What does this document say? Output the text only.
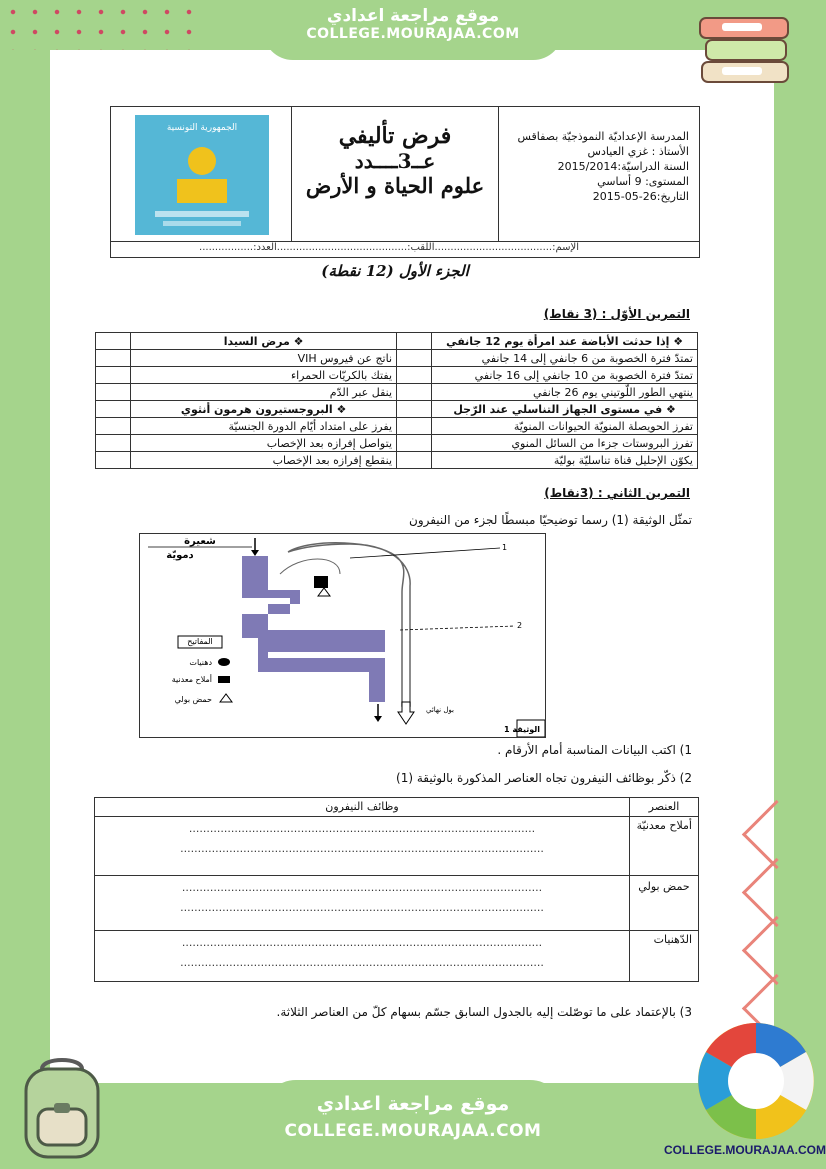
موقع مراجعة اعدادي
COLLEGE.MOURAJAA.COM
الجمهورية التونسية	فرض تأليفي
عــ3ــــدد
علوم الحياة و الأرض
المدرسة الإعداديّة النموذجيّة بصفاقس
الأستاذ : غزي العيادس
السنة الدراسيّة:2015/2014
المستوى: 9 أساسي
التاريخ:26-05-2015
الإسم:.....................................اللقب:.........................................العدد:.................
الجزء الأول (12 نقطة)
التمرين الأوّل : (3 نقاط)
❖ إذا حدثت الأباضة عند امرأة يوم 12 جانفي		❖ مرض السيدا	
تمتدّ فترة الخصوبة من 6 جانفي إلى 14 جانفي		ناتج عن فيروس VIH	
تمتدّ فترة الخصوبة من 10 جانفي إلى 16 جانفي		يفتك بالكريّات الحمراء	
ينتهي الطور اللّوتيني يوم 26 جانفي		ينقل عبر الدّم	
❖ في مستوى الجهاز التناسلي عند الرّجل		❖ البروجستيرون هرمون أنثوي	
تفرز الحويصلة المنويّة الحيوانات المنويّة		يفرز على امتداد أيّام الدورة الجنسيّة	
تفرز البروستات جزءا من السائل المنوي		يتواصل إفرازه بعد الإخصاب	
يكوّن الإحليل قناة تناسليّة بوليّة		ينقطع إفرازه بعد الإخصاب	
التمرين الثاني : (3نقاط)
تمثّل الوثيقة (1) رسما توضيحيّا مبسطًا لجزء من النيفرون
1
2
المفاتيح
دهنيات
أملاح معدنية
حمض بولي
شعيرة
دمويّة
بول نهائي
الوثيقة 1
1) اكتب البيانات المناسبة أمام الأرقام .
2) ذكّر بوظائف النيفرون تجاه العناصر المذكورة بالوثيقة (1)
العنصر	وظائف النيفرون
أملاح معدنيّة	...................................................................................................
........................................................................................................

حمض بولي	.......................................................................................................
........................................................................................................

الدّهنيات	.......................................................................................................
........................................................................................................
3) بالإعتماد على ما توصّلت إليه بالجدول السابق جسّم بسهام كلّ من العناصر الثلاثة.
موقع مراجعة اعدادي
COLLEGE.MOURAJAA.COM
COLLEGE.MOURAJAA.COM
